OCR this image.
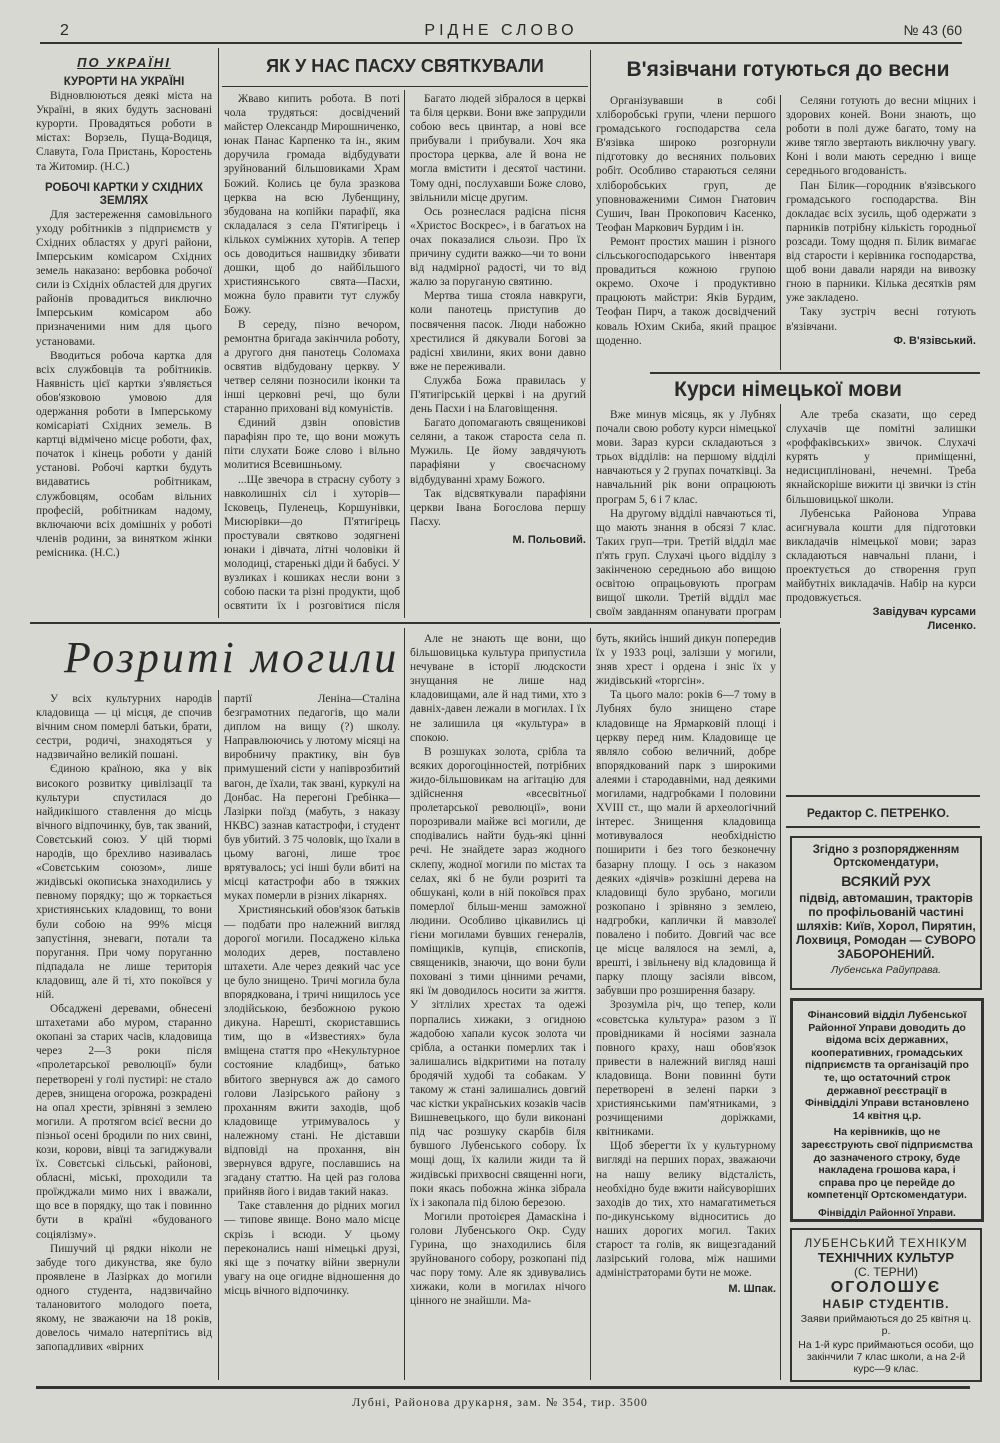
2	РІДНЕ СЛОВО	№ 43 (60
ПО УКРАЇНІ
КУРОРТИ НА УКРАЇНІ

Відновлюються деякі міста на Україні, в яких будуть засновані курорти. Провадяться роботи в містах: Ворзель, Пуща-Водиця, Славута, Гола Пристань, Коростень та Житомир. (Н.С.)

РОБОЧІ КАРТКИ У СХІДНИХ ЗЕМЛЯХ

Для застереження самовільного уходу робітників з підприємств у Східних областях у другі райони, Імперським комісаром Східних земель наказано: вербовка робочої сили із Східніх областей для других районів провадиться виключно Імперським комісаром або призначеними ним для цього установами.

Вводиться робоча картка для всіх службовців та робітників. Наявність цієї картки з'являється обов'язковою умовою для одержання роботи в Імперському комісаріаті Східних земель. В картці відмічено місце роботи, фах, початок і кінець роботи у даній установі. Робочі картки будуть видаватись робітникам, службовцям, особам вільних професій, робітникам надому, включаючи всіх домішніх у роботі членів родини, за винятком жінки ремісника. (Н.С.)

ЯК У НАС ПАСХУ СВЯТКУВАЛИ

Жваво кипить робота. В поті чола трудяться: досвідчений майстер Олександр Мирошниченко, юнак Панас Карпенко та ін., яким доручила громада відбудувати зруйнований більшовиками Храм Божий. Колись це була зразкова церква на всю Лубенщину, збудована на копійки парафії, яка складалася з села П'ятигірець і кількох суміжних хуторів. А тепер ось доводиться нашвидку збивати дошки, щоб до найбільшого християнського свята—Пасхи, можна було правити тут службу Божу.

В середу, пізно вечором, ремонтна бригада закінчила роботу, а другого дня панотець Соломаха освятив відбудовану церкву. У четвер селяни позносили іконки та інші церковні речі, що були старанно приховані від комуністів.

Єдиний дзвін оповістив парафіян про те, що вони можуть піти слухати Боже слово і вільно молитися Всевишньому.

...Ще звечора в страсну суботу з навколишніх сіл і хуторів—Ісковець, Пуленець, Коршунівки, Мисюрівки—до П'ятигірець простували святково зодягнені юнаки і дівчата, літні чоловіки й молодиці, старенькі діди й бабусі. У вузликах і кошиках несли вони з собою паски та різні продукти, щоб освятити їх і розговітися після

Багато людей зібралося в церкві та біля церкви. Вони вже запрудили собою весь цвинтар, а нові все прибували і прибували. Хоч яка простора церква, але й вона не могла вмістити і десятої частини. Тому одні, послухавши Боже слово, звільнили місце другим.

Ось рознеслася радісна пісня «Христос Воскрес», і в багатьох на очах показалися сльози. Про їх причину судити важко—чи то вони від надмірної радості, чи то від жалю за поруганую святиню.

Мертва тиша стояла навкруги, коли панотець приступив до посвячення пасок. Люди набожно хрестилися й дякували Богові за радісні хвилини, яких вони давно вже не переживали.

Служба Божа правилась у П'ятигірській церкві і на другий день Пасхи і на Благовіщення.

Багато допомагають священикові селяни, а також староста села п. Мужиль. Це йому завдячують парафіяни у своєчасному відбудуванні храму Божого.

Так відсвяткували парафіяни церкви Івана Богослова першу Пасху.

М. Польовий.
В'язівчани готуються до весни

Організувавши в собі хліборобські групи, члени першого громадського господарства села В'язівка широко розгорнули підготовку до весняних польових робіт. Особливо стараються селяни хліборобських груп, де уповноваженими Симон Гнатович Сушич, Іван Прокопович Касенко, Теофан Маркович Бурдим і ін.

Ремонт простих машин і різного сільськогосподарського інвентаря провадиться кожною групою окремо. Охоче і продуктивно працюють майстри: Яків Бурдим, Теофан Пирч, а також досвідчений коваль Юхим Скиба, який працює щоденно.

Селяни готують до весни міцних і здорових коней. Вони знають, що роботи в полі дуже багато, тому на живе тягло звертають виключну увагу. Коні і воли мають середню і вище середнього вгодованість.

Пан Білик—городник в'язівського громадського господарства. Він докладає всіх зусиль, щоб одержати з парників потрібну кількість городньої розсади. Тому щодня п. Білик вимагає від старости і керівника господарства, щоб вони давали наряди на вивозку гною в парники. Кілька десятків рям уже закладено.

Таку зустріч весні готують в'язівчани.

Ф. В'язівський.
Курси німецької мови

Вже минув місяць, як у Лубнях почали свою роботу курси німецької мови. Зараз курси складаються з трьох відділів: на першому відділі навчаються у 2 групах початківці. За навчальний рік вони опрацюють програм 5, 6 і 7 клас.

На другому відділі навчаються ті, що мають знання в обсязі 7 клас. Таких груп—три. Третій відділ має п'ять груп. Слухачі цього відділу з закінченою середньою або вищою освітою опрацьовують програм вищої школи. Третій відділ має своїм завданням опанувати програм

Але треба сказати, що серед слухачів ще помітні залишки «роффаківських» звичок. Слухачі курять у приміщенні, недисципліновані, нечемні. Треба якнайскоріше вижити ці звички із стін більшовицької школи.

Лубенська Районова Управа асигнувала кошти для підготовки викладачів німецької мови; зараз складаються навчальні плани, і проектується до створення груп майбутніх викладачів. Набір на курси продовжується.

Завідувач курсами
Лисенко.
Редактор С. ПЕТРЕНКО.
Розриті могили

У всіх культурних народів кладовища — ці місця, де спочив вічним сном померлі батьки, брати, сестри, родичі, знаходяться у надзвичайно великій пошані.

Єдиною країною, яка у вік високого розвитку цивілізації та культури спустилася до найдикішого ставлення до місць вічного відпочинку, був, так званий, Совєтський союз. У цій тюрмі народів, що брехливо називалась «Совєтським союзом», лише жидівські окописька знаходились у певному порядку; що ж торкається християнських кладовищ, то вони були собою на 99% місця запустіння, зневаги, потали та поругання. При чому поруганню підпадала не лише територія кладовищ, але й ті, хто покоївся у ній.

Обсаджені деревами, обнесені штахетами або муром, старанно окопані за старих часів, кладовища через 2—3 роки після «пролетарської революції» були перетворені у голі пустирі: не стало дерев, знищена огорожа, розкрадені на опал хрести, зрівняні з землею могили. А протягом всієї весни до пізньої осені бродили по них свині, кози, корови, вівці та загиджували їх. Совєтські сільські, районові, обласні, міські, проходили та проїжджали мимо них і вважали, що все в порядку, що так і повинно бути в країні «будованого соціялізму».

Пишучий ці рядки ніколи не забуде того дикунства, яке було проявлене в Лазірках до могили одного студента, надзвичайно талановитого молодого поета, якому, не зважаючи на 18 років, довелось чимало натерпітись від запопадливих «вірних

партії Леніна—Сталіна безграмотних педагогів, що мали диплом на вищу (?) школу. Направлюючись у лютому місяці на виробничу практику, він був примушений сісти у напіврозбитий вагон, де їхали, так звані, куркулі на Донбас. На перегоні Гребінка—Лазірки поїзд (мабуть, з наказу НКВС) зазнав катастрофи, і студент був убитий. З 75 чоловік, що їхали в цьому вагоні, лише троє врятувалось; усі інші були вбиті на місці катастрофи або в тяжких муках померли в різних лікарнях.

Християнський обов'язок батьків — подбати про належний вигляд дорогої могили. Посаджено кілька молодих дерев, поставлено штахети. Але через деякий час усе це було знищено. Тричі могила була впорядкована, і тричі нищилось усе злодійською, безбожною рукою дикуна. Нарешті, скориставшись тим, що в «Известиях» була вміщена стаття про «Некультурное состояние кладбищ», батько вбитого звернувся аж до самого голови Лазірського району з проханням вжити заходів, щоб кладовище утримувалось у належному стані. Не діставши відповіді на прохання, він звернувся вдруге, пославшись на згадану статтю. На цей раз голова прийняв його і видав такий наказ.

Таке ставлення до рідних могил — типове явище. Воно мало місце скрізь і всюди. У цьому переконались наші німецькі друзі, які ще з початку війни звернули увагу на оце огидне відношення до місць вічного відпочинку.

Але не знають ще вони, що більшовицька культура припустила нечуване в історії людскости знущання не лише над кладовищами, але й над тими, хто з давніх-давен лежали в могилах. І їх не залишила ця «культура» в спокою.

В розшуках золота, срібла та всяких дорогоцінностей, потрібних жидо-більшовикам на агітацію для здійснення «всесвітньої пролетарської революції», вони порозривали майже всі могили, де сподівались найти будь-які цінні речі. Не знайдете зараз жодного склепу, жодної могили по містах та селах, які б не були розриті та обшукані, коли в ній покоївся прах померлої більш-менш заможної людини. Особливо цікавились ці гієни могилами бувших генералів, поміщиків, купців, єпископів, священиків, знаючи, що вони були поховані з тими цінними речами, які їм доводилось носити за життя. У зітлілих хрестах та одежі порпались хижаки, з огидною жадобою хапали кусок золота чи срібла, а останки померлих так і залишались відкритими на поталу бродячій худобі та собакам. У такому ж стані залишались довгий час кістки українських козаків часів Вишневецького, що були виконані під час розшуку скарбів біля бувшого Лубенського собору. Їх мощі дощ, їх калили жиди та й жидівські прихвосні священні ноги, поки якась побожна жінка зібрала їх і закопала під білою березою.

Могили протоієрея Дамаскіна і голови Лубенського Окр. Суду Гурина, що знаходились біля зруйнованого собору, розкопані під час пору тому. Але як здивувались хижаки, коли в могилах нічого цінного не знайшли. Ма-

буть, якийсь інший дикун попередив їх у 1933 році, залізши у могили, зняв хрест і ордена і зніс їх у жидівський «торгсін».

Та цього мало: років 6—7 тому в Лубнях було знищено старе кладовище на Ярмарковій площі і церкву перед ним. Кладовище це являло собою величний, добре впорядкований парк з широкими алеями і стародавніми, над деякими могилами, надгробками І половини XVIII ст., що мали й археологічний інтерес. Знищення кладовища мотивувалося необхідністю поширити і без того безконечну базарну площу. І ось з наказом деяких «діячів» розкішні дерева на кладовищі було зрубано, могили розкопано і зрівняно з землею, надгробки, каплички й мавзолеї повалено і побито. Довгий час все це місце валялося на землі, а, врешті, і звільнену від кладовища й парку площу засіяли вівсом, забувши про розширення базару.

Зрозуміла річ, що тепер, коли «совєтська культура» разом з її провідниками й носіями зазнала повного краху, наш обов'язок привести в належний вигляд наші кладовища. Вони повинні бути перетворені в зелені парки з християнськими пам'ятниками, з розчищеними доріжками, квітниками.

Щоб зберегти їх у культурному вигляді на перших порах, зважаючи на нашу велику відсталість, необхідно буде вжити найсуворіших заходів до тих, хто намагатиметься по-дикунському відноситись до наших дорогих могил. Таких старост та голів, як вищезгаданий лазірський голова, між нашими адміністраторами бути не може.

М. Шпак.

Згідно з розпорядженням Ортскомендатури,

ВСЯКИЙ РУХ

підвід, автомашин, тракторів по профільованій частині шляхів: Київ, Хорол, Пирятин, Лохвиця, Ромодан — СУВОРО ЗАБОРОНЕНИЙ.

Лубенська Райуправа.

Фінансовий відділ Лубенської Районної Управи доводить до відома всіх державних, кооперативних, громадських підприємств та організацій про те, що остаточний строк державної реєстрації в Фінвідділі Управи встановлено 14 квітня ц.р.

На керівників, що не зареєструють свої підприємства до зазначеного строку, буде накладена грошова кара, і справа про це перейде до компетенції Ортскомендатури.

Фінвідділ Районної Управи.

ЛУБЕНСЬКИЙ ТЕХНІКУМ

ТЕХНІЧНИХ КУЛЬТУР

(С. ТЕРНИ)

ОГОЛОШУЄ

НАБІР СТУДЕНТІВ.

Заяви приймаються до 25 квітня ц. р.

На 1-й курс приймаються особи, що закінчили 7 клас школи, а на 2-й курс—9 клас.

Лубні, Районова друкарня, зам. № 354, тир. 3500
